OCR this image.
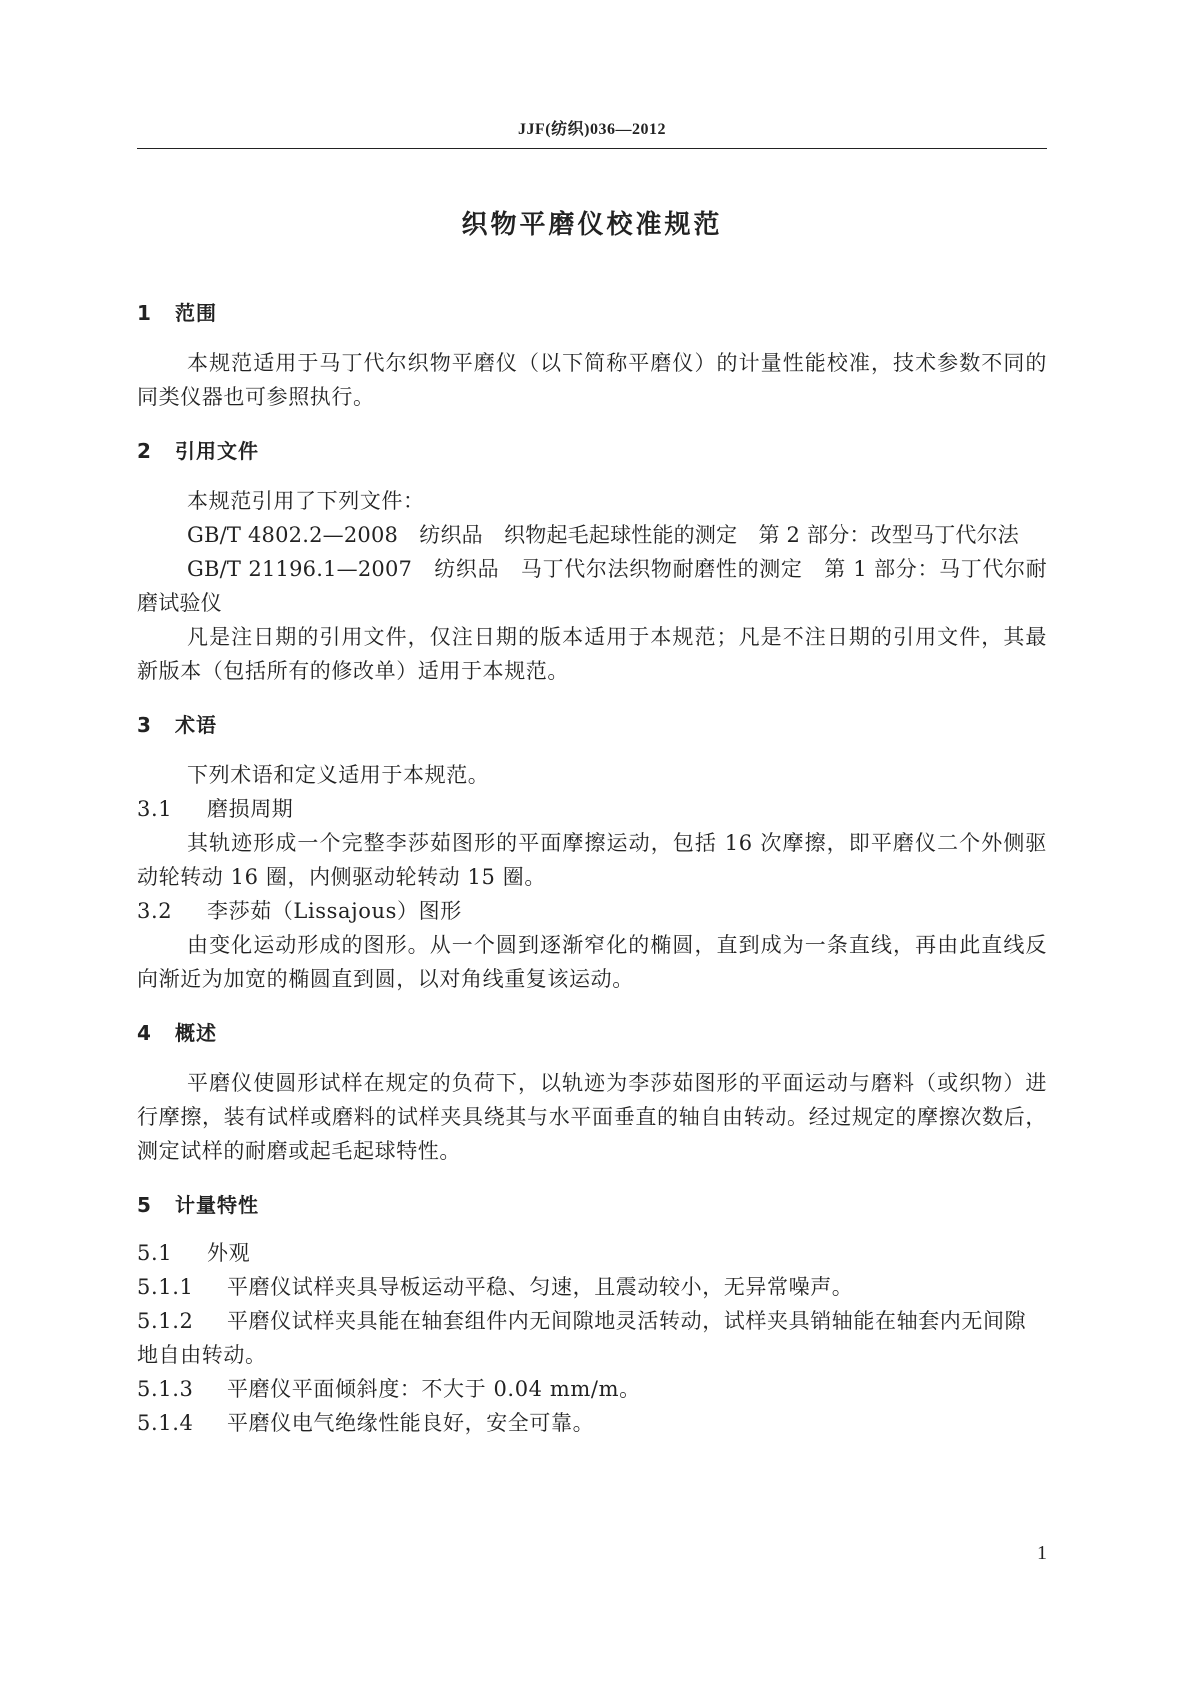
JJF(纺织)036—2012
织物平磨仪校准规范
1 范围
本规范适用于马丁代尔织物平磨仪（以下简称平磨仪）的计量性能校准，技术参数不同的同类仪器也可参照执行。
2 引用文件
本规范引用了下列文件：
GB/T 4802.2—2008　纺织品　织物起毛起球性能的测定　第 2 部分：改型马丁代尔法
GB/T 21196.1—2007　纺织品　马丁代尔法织物耐磨性的测定　第 1 部分：马丁代尔耐磨试验仪
凡是注日期的引用文件，仅注日期的版本适用于本规范；凡是不注日期的引用文件，其最新版本（包括所有的修改单）适用于本规范。
3 术语
下列术语和定义适用于本规范。
3.1 磨损周期
其轨迹形成一个完整李莎茹图形的平面摩擦运动，包括 16 次摩擦，即平磨仪二个外侧驱动轮转动 16 圈，内侧驱动轮转动 15 圈。
3.2 李莎茹（Lissajous）图形
由变化运动形成的图形。从一个圆到逐渐窄化的椭圆，直到成为一条直线，再由此直线反向渐近为加宽的椭圆直到圆，以对角线重复该运动。
4 概述
平磨仪使圆形试样在规定的负荷下，以轨迹为李莎茹图形的平面运动与磨料（或织物）进行摩擦，装有试样或磨料的试样夹具绕其与水平面垂直的轴自由转动。经过规定的摩擦次数后，测定试样的耐磨或起毛起球特性。
5 计量特性
5.1 外观
5.1.1 平磨仪试样夹具导板运动平稳、匀速，且震动较小，无异常噪声。
5.1.2 平磨仪试样夹具能在轴套组件内无间隙地灵活转动，试样夹具销轴能在轴套内无间隙地自由转动。
5.1.3 平磨仪平面倾斜度：不大于 0.04 mm/m。
5.1.4 平磨仪电气绝缘性能良好，安全可靠。
1
